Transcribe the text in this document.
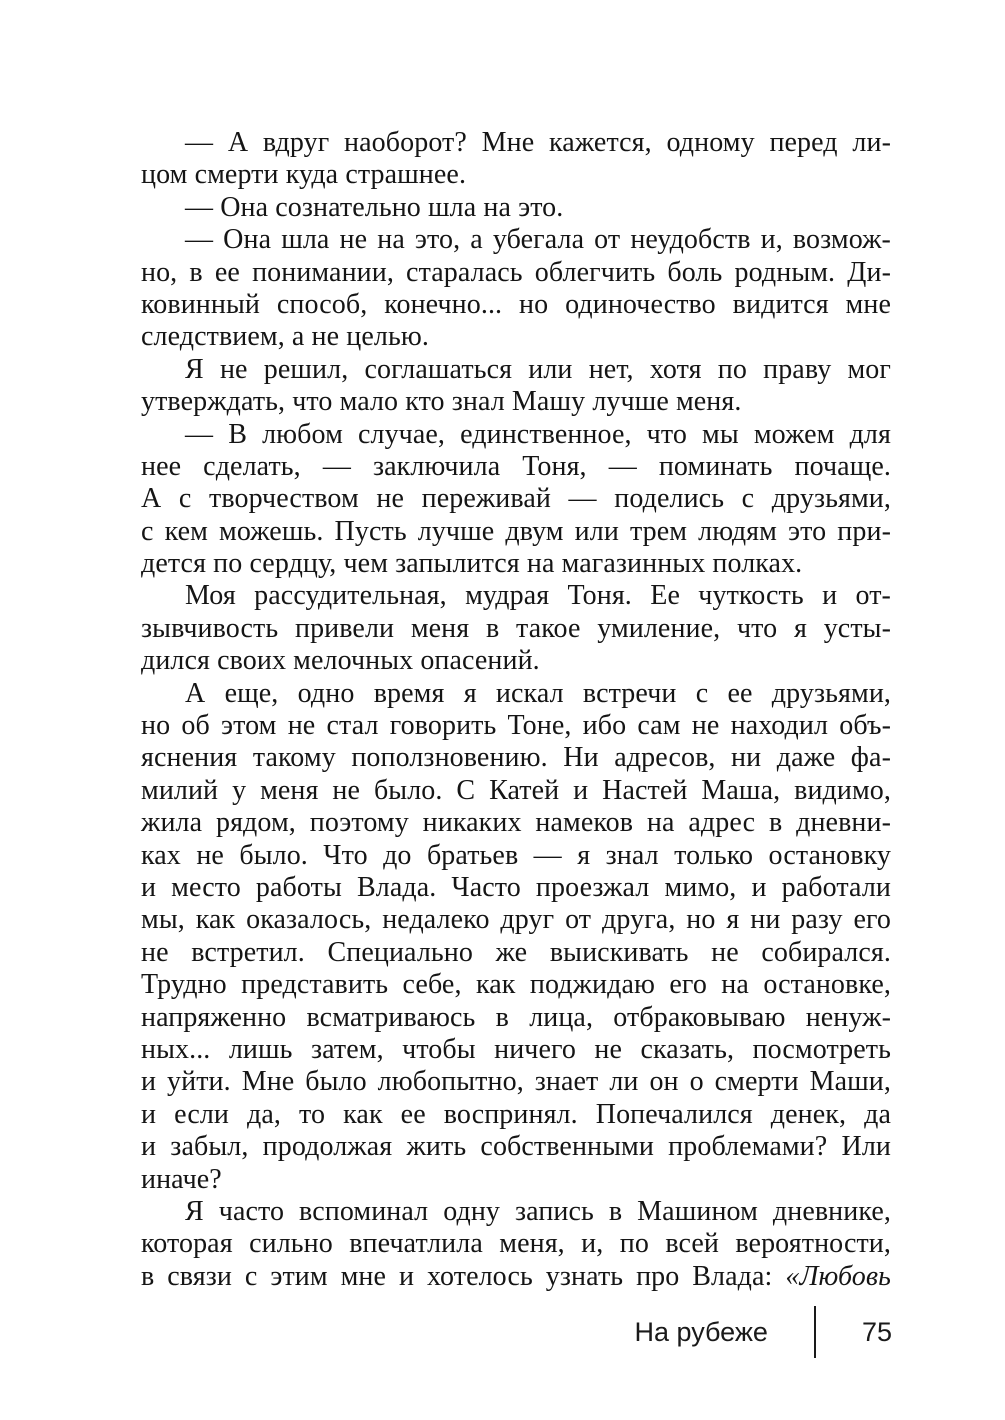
— А вдруг наоборот? Мне кажется, одному перед ли-
цом смерти куда страшнее.
— Она сознательно шла на это.
— Она шла не на это, а убегала от неудобств и, возмож-
но, в ее понимании, старалась облегчить боль родным. Ди-
ковинный способ, конечно... но одиночество видится мне
следствием, а не целью.
Я не решил, соглашаться или нет, хотя по праву мог
утверждать, что мало кто знал Машу лучше меня.
— В любом случае, единственное, что мы можем для
нее сделать, — заключила Тоня, — поминать почаще.
А с творчеством не переживай — поделись с друзьями,
с кем можешь. Пусть лучше двум или трем людям это при-
дется по сердцу, чем запылится на магазинных полках.
Моя рассудительная, мудрая Тоня. Ее чуткость и от-
зывчивость привели меня в такое умиление, что я усты-
дился своих мелочных опасений.
А еще, одно время я искал встречи с ее друзьями,
но об этом не стал говорить Тоне, ибо сам не находил объ-
яснения такому поползновению. Ни адресов, ни даже фа-
милий у меня не было. С Катей и Настей Маша, видимо,
жила рядом, поэтому никаких намеков на адрес в дневни-
ках не было. Что до братьев — я знал только остановку
и место работы Влада. Часто проезжал мимо, и работали
мы, как оказалось, недалеко друг от друга, но я ни разу его
не встретил. Специально же выискивать не собирался.
Трудно представить себе, как поджидаю его на остановке,
напряженно всматриваюсь в лица, отбраковываю ненуж-
ных... лишь затем, чтобы ничего не сказать, посмотреть
и уйти. Мне было любопытно, знает ли он о смерти Маши,
и если да, то как ее воспринял. Попечалился денек, да
и забыл, продолжая жить собственными проблемами? Или
иначе?
Я часто вспоминал одну запись в Машином дневнике,
которая сильно впечатлила меня, и, по всей вероятности,
в связи с этим мне и хотелось узнать про Влада: «Любовь
На рубеже	75
